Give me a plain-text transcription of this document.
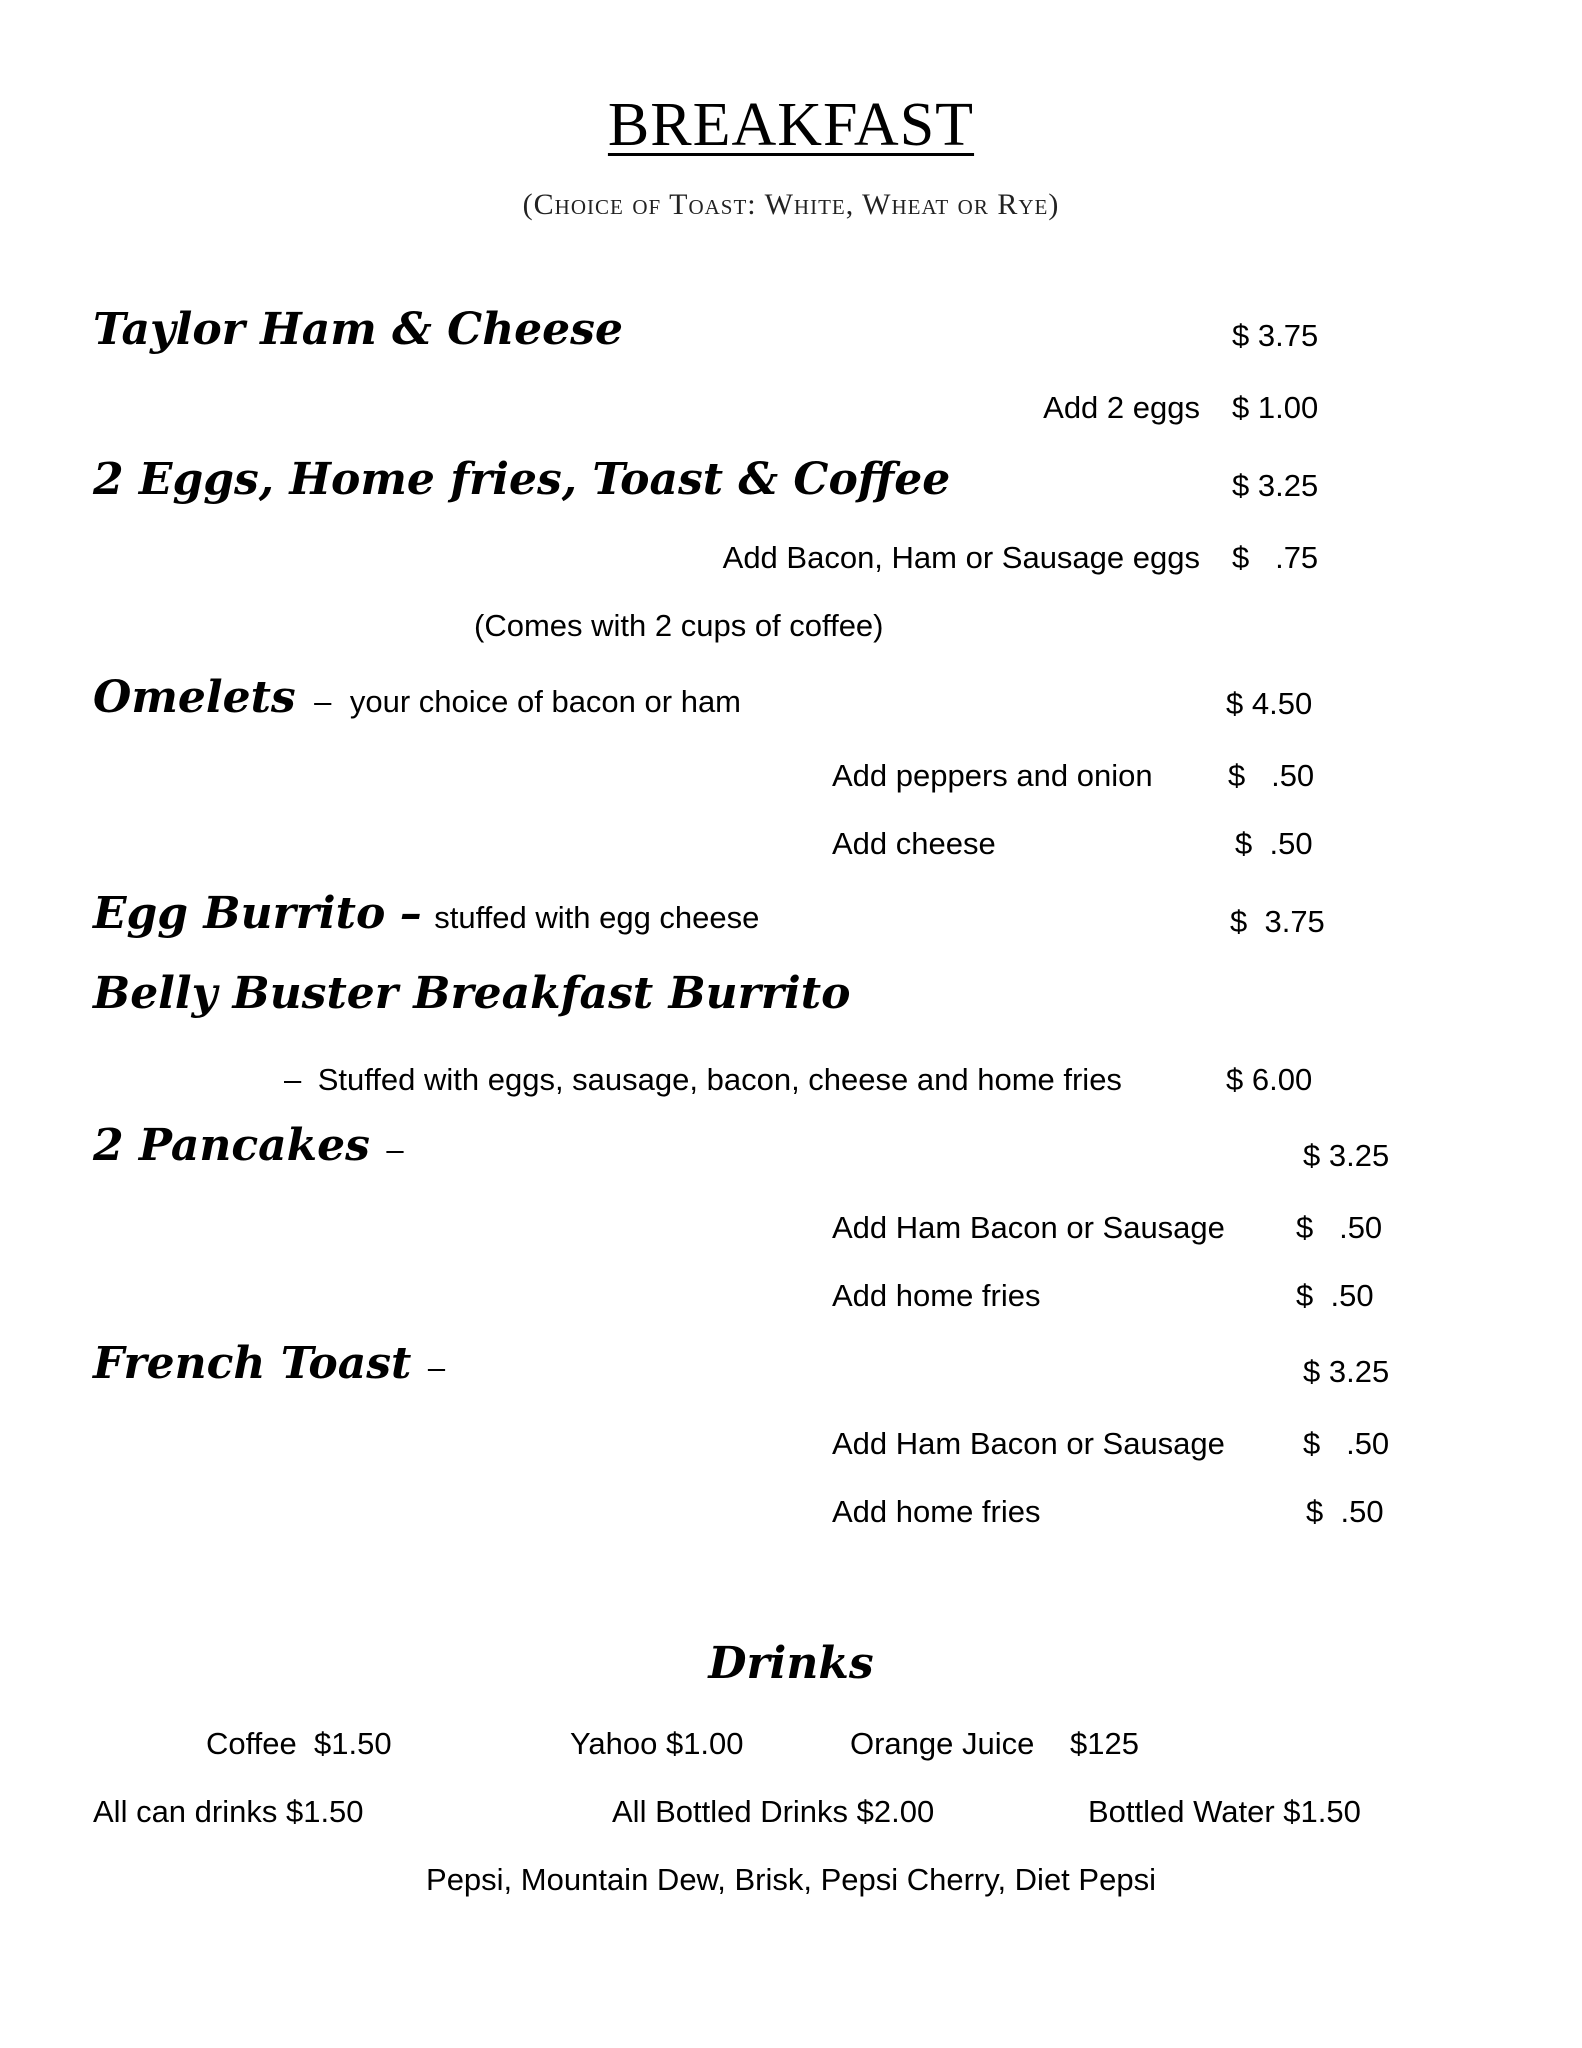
BREAKFAST
(Choice of Toast: White, Wheat or Rye)
Taylor Ham & Cheese	$ 3.75
Add 2 eggs $ 1.00
2 Eggs, Home fries, Toast & Coffee	$ 3.25
Add Bacon, Ham or Sausage eggs $   .75
(Comes with 2 cups of coffee)
Omelets – your choice of bacon or ham	$ 4.50
Add peppers and onion $   .50
Add cheese	$  .50
Egg Burrito – stuffed with egg cheese	$  3.75
Belly Buster Breakfast Burrito
– Stuffed with eggs, sausage, bacon, cheese and home fries	$ 6.00
2 Pancakes –	$ 3.25
Add Ham Bacon or Sausage $   .50
Add home fries	$  .50
French Toast –	$ 3.25
Add Ham Bacon or Sausage	$   .50
Add home fries	$  .50
Drinks
Coffee  $1.50	Yahoo $1.00	Orange Juice $125
All can drinks $1.50	All Bottled Drinks $2.00	Bottled Water $1.50
Pepsi, Mountain Dew, Brisk, Pepsi Cherry, Diet Pepsi
